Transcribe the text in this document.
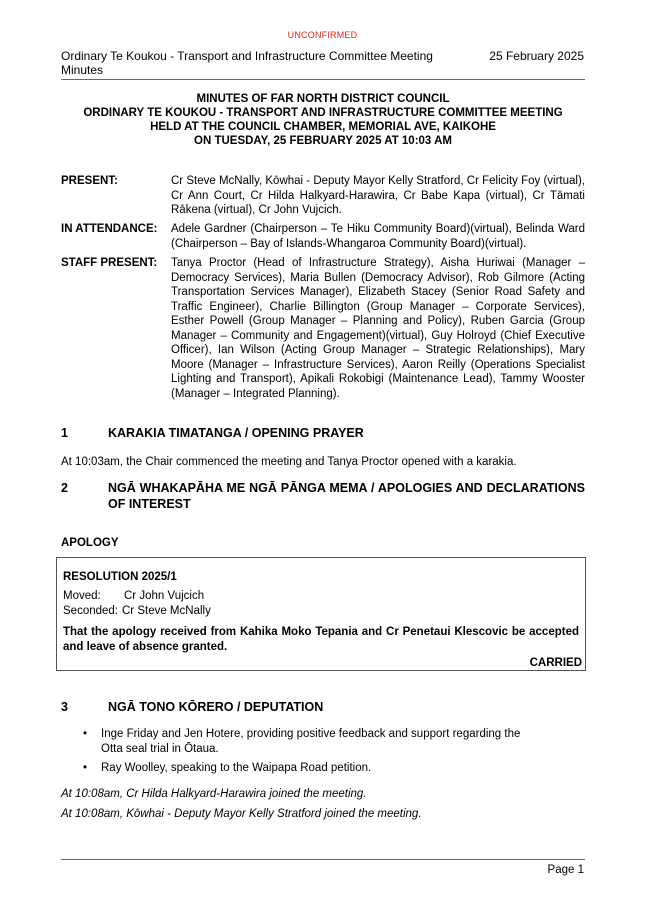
UNCONFIRMED
Ordinary Te Koukou - Transport and Infrastructure Committee Meeting Minutes
25 February 2025
MINUTES OF FAR NORTH DISTRICT COUNCIL
ORDINARY TE KOUKOU - TRANSPORT AND INFRASTRUCTURE COMMITTEE MEETING
HELD AT THE COUNCIL CHAMBER, MEMORIAL AVE, KAIKOHE
ON TUESDAY, 25 FEBRUARY 2025 AT 10:03 AM
PRESENT:	Cr Steve McNally, Kōwhai - Deputy Mayor Kelly Stratford, Cr Felicity Foy (virtual), Cr Ann Court, Cr Hilda Halkyard-Harawira, Cr Babe Kapa (virtual), Cr Tāmati Rākena (virtual), Cr John Vujcich.
IN ATTENDANCE: Adele Gardner (Chairperson – Te Hiku Community Board)(virtual), Belinda Ward (Chairperson – Bay of Islands-Whangaroa Community Board)(virtual).
STAFF PRESENT: Tanya Proctor (Head of Infrastructure Strategy), Aisha Huriwai (Manager – Democracy Services), Maria Bullen (Democracy Advisor), Rob Gilmore (Acting Transportation Services Manager), Elizabeth Stacey (Senior Road Safety and Traffic Engineer), Charlie Billington (Group Manager – Corporate Services), Esther Powell (Group Manager – Planning and Policy), Ruben Garcia (Group Manager – Community and Engagement)(virtual), Guy Holroyd (Chief Executive Officer), Ian Wilson (Acting Group Manager – Strategic Relationships), Mary Moore (Manager – Infrastructure Services), Aaron Reilly (Operations Specialist Lighting and Transport), Apikali Rokobigi (Maintenance Lead), Tammy Wooster (Manager – Integrated Planning).
1	KARAKIA TIMATANGA / OPENING PRAYER
At 10:03am, the Chair commenced the meeting and Tanya Proctor opened with a karakia.
2	NGĀ WHAKAPĀHA ME NGĀ PĀNGA MEMA / APOLOGIES AND DECLARATIONS OF INTEREST
APOLOGY
RESOLUTION 2025/1
Moved: Cr John Vujcich
Seconded: Cr Steve McNally
That the apology received from Kahika Moko Tepania and Cr Penetaui Klescovic be accepted and leave of absence granted.
CARRIED
3	NGĀ TONO KŌRERO / DEPUTATION
• Inge Friday and Jen Hotere, providing positive feedback and support regarding the Otta seal trial in Ōtaua.
• Ray Woolley, speaking to the Waipapa Road petition.
At 10:08am, Cr Hilda Halkyard-Harawira joined the meeting.
At 10:08am, Kōwhai - Deputy Mayor Kelly Stratford joined the meeting.
Page 1
